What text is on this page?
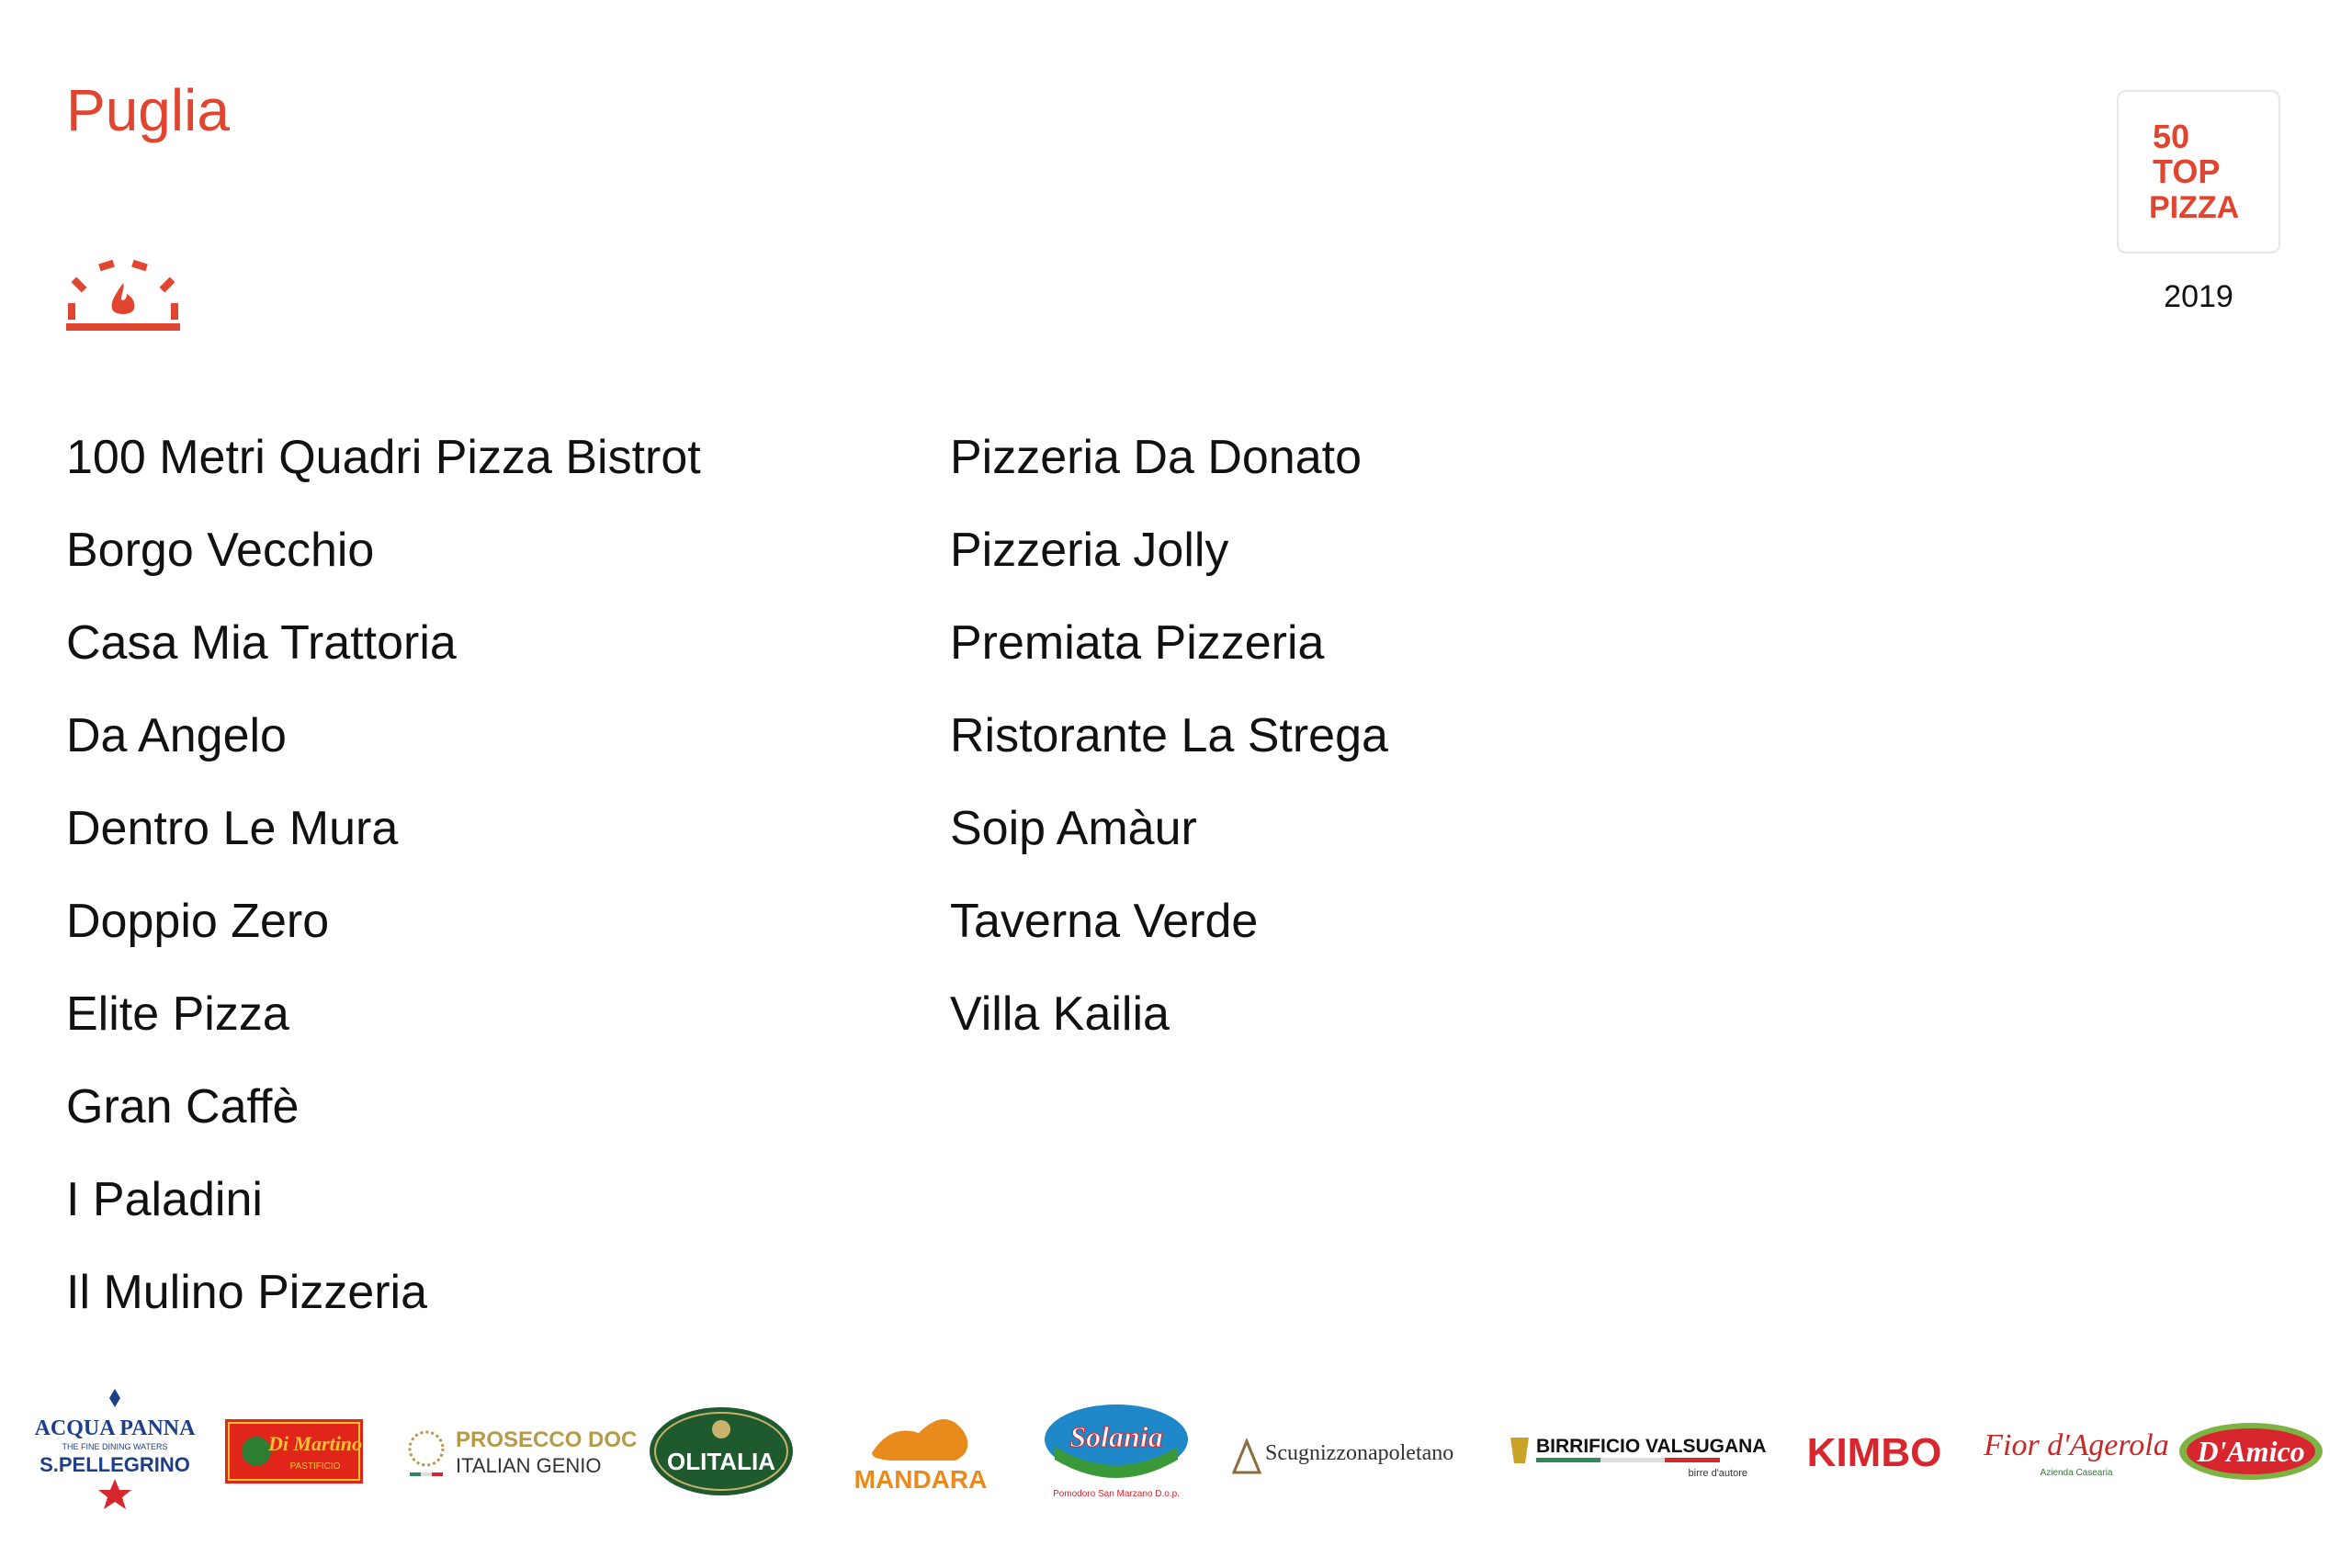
Puglia	50
TOP
PIZZA
2019
100 Metri Quadri Pizza Bistrot
Borgo Vecchio
Casa Mia Trattoria
Da Angelo
Dentro Le Mura
Doppio Zero
Elite Pizza
Gran Caffè
I Paladini
Il Mulino Pizzeria
Pizzeria Da Donato
Pizzeria Jolly
Premiata Pizzeria
Ristorante La Strega
Soip Amàur
Taverna Verde
Villa Kailia
ACQUA PANNA
THE FINE DINING WATERS
S.PELLEGRINO
Di Martino
PASTIFICIO
PROSECCO DOC
ITALIAN GENIO	OLITALIA
MANDARA
Solania
Pomodoro San Marzano D.o.p.
Scugnizzonapoletano	BIRRIFICIO VALSUGANA
birre d'autore KIMBO Fior d'Agerola
Azienda Casearia
D'Amico
